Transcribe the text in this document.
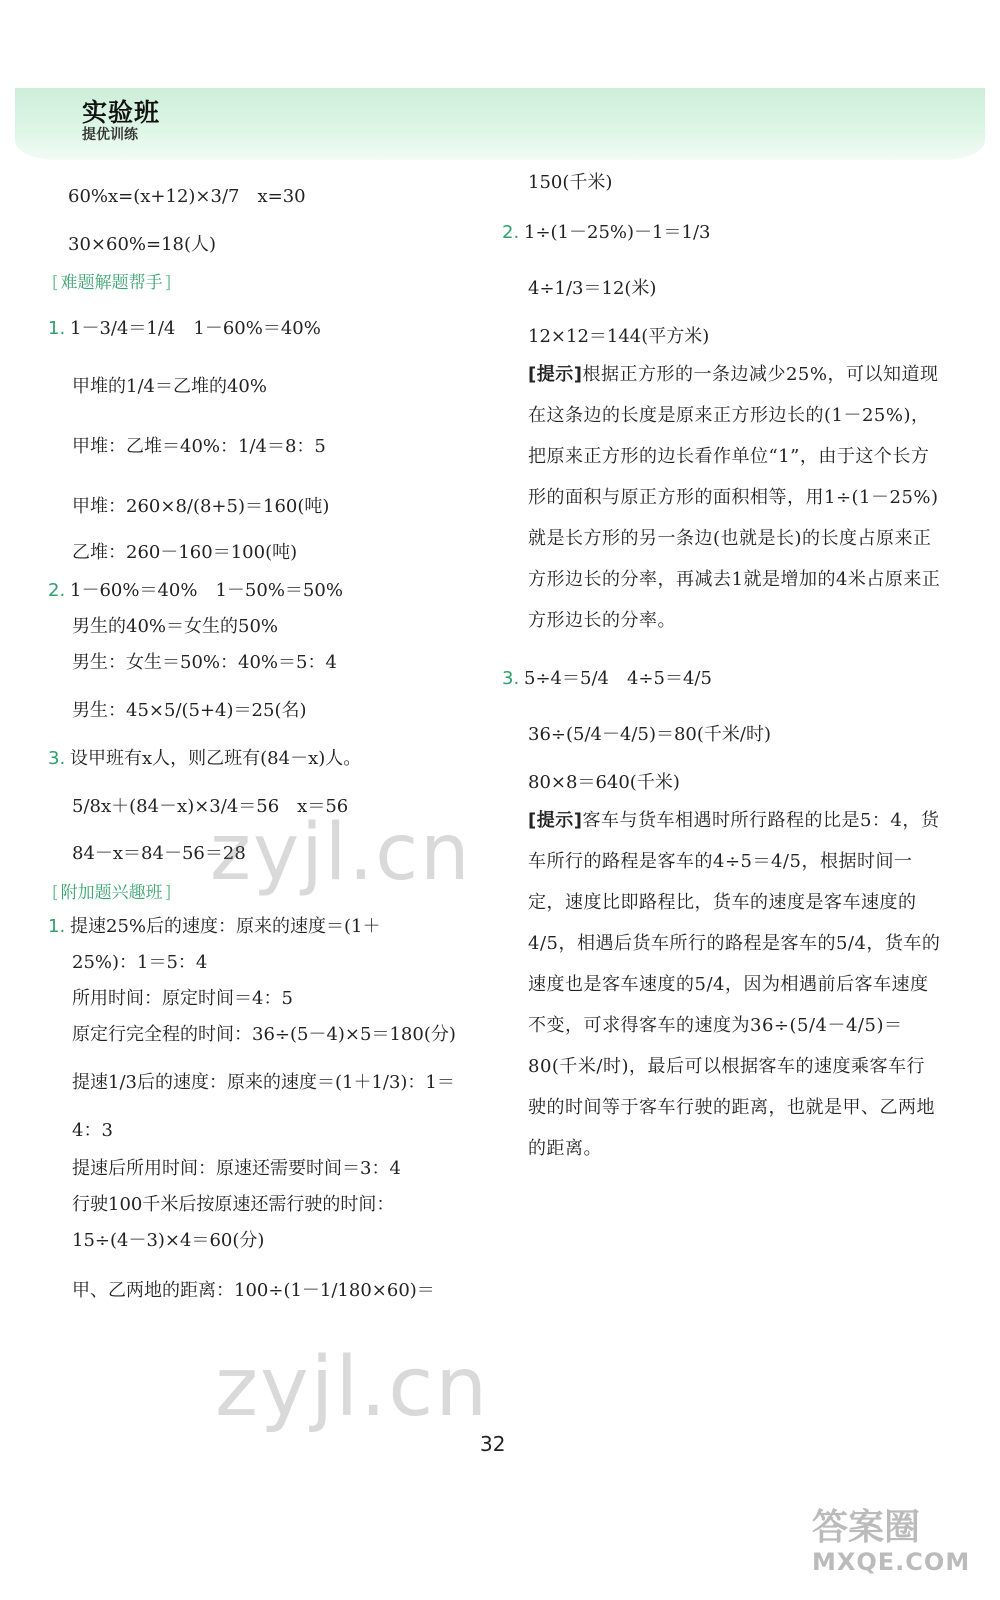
实验班
提优训练
60%x=(x+12)×3/7　x=30
30×60%=18(人)
[ 难题解题帮手 ]
1. 1－3/4＝1/4　1－60%＝40%
甲堆的1/4＝乙堆的40%
甲堆：乙堆＝40%：1/4＝8：5
甲堆：260×8/(8+5)＝160(吨)
乙堆：260－160＝100(吨)
2. 1－60%＝40%　1－50%＝50%
男生的40%＝女生的50%
男生：女生＝50%：40%＝5：4
男生：45×5/(5+4)＝25(名)
3. 设甲班有x人，则乙班有(84－x)人。
5/8x＋(84－x)×3/4＝56　x＝56
84－x＝84－56＝28
[ 附加题兴趣班 ]
1. 提速25%后的速度：原来的速度＝(1＋
25%)：1＝5：4
所用时间：原定时间＝4：5
原定行完全程的时间：36÷(5－4)×5＝180(分)
提速1/3后的速度：原来的速度＝(1＋1/3)：1＝
4：3
提速后所用时间：原速还需要时间＝3：4
行驶100千米后按原速还需行驶的时间：
15÷(4－3)×4＝60(分)
甲、乙两地的距离：100÷(1－1/180×60)＝
150(千米)
2. 1÷(1－25%)－1＝1/3
4÷1/3＝12(米)
12×12＝144(平方米)
[提示]根据正方形的一条边减少25%，可以知道现在这条边的长度是原来正方形边长的(1－25%)，把原来正方形的边长看作单位“1”，由于这个长方形的面积与原正方形的面积相等，用1÷(1－25%)就是长方形的另一条边(也就是长)的长度占原来正方形边长的分率，再减去1就是增加的4米占原来正方形边长的分率。
3. 5÷4＝5/4　4÷5＝4/5
36÷(5/4－4/5)＝80(千米/时)
80×8＝640(千米)
[提示]客车与货车相遇时所行路程的比是5：4，货车所行的路程是客车的4÷5＝4/5，根据时间一定，速度比即路程比，货车的速度是客车速度的4/5，相遇后货车所行的路程是客车的5/4，货车的速度也是客车速度的5/4，因为相遇前后客车速度不变，可求得客车的速度为36÷(5/4－4/5)＝80(千米/时)，最后可以根据客车的速度乘客车行驶的时间等于客车行驶的距离，也就是甲、乙两地的距离。
zyjl.cn
zyjl.cn
32
答案圈
MXQE.COM
